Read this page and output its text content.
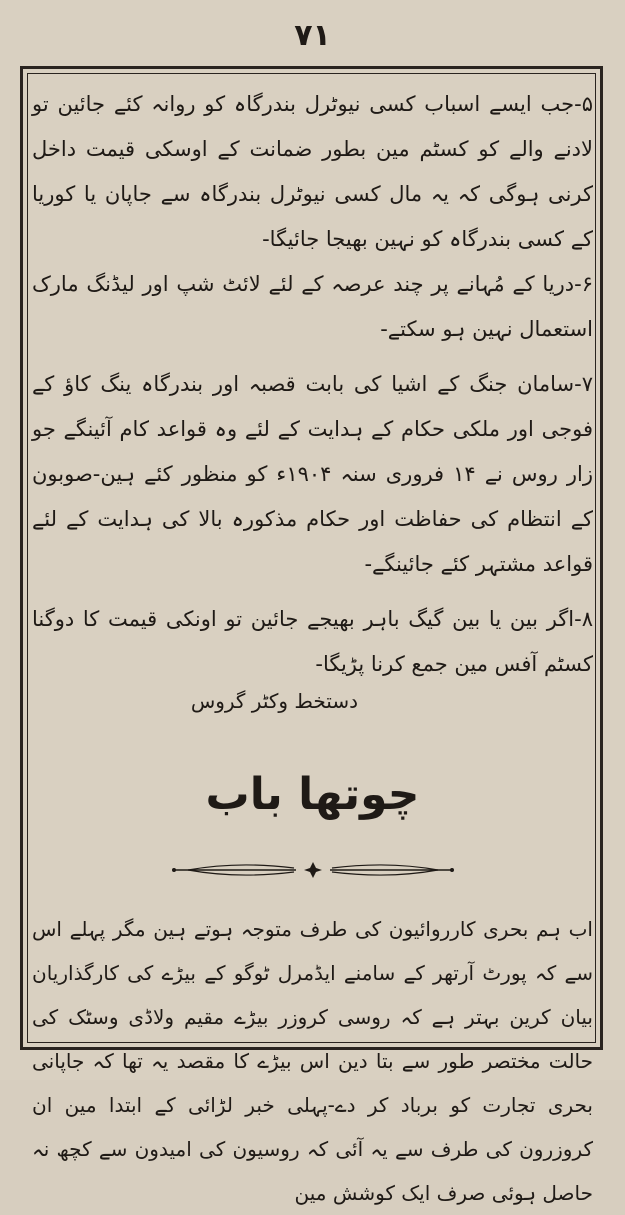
۷۱

۵-جب ایسے اسباب کسی نیوٹرل بندرگاہ کو روانہ کئے جائین تو لادنے والے کو کسٹم مین بطور ضمانت کے اوسکی قیمت داخل کرنی ہوگی کہ یہ مال کسی نیوٹرل بندرگاہ سے جاپان یا کوریا کے کسی بندرگاہ کو نہین بھیجا جائیگا-

۶-دریا کے مُہانے پر چند عرصہ کے لئے لائٹ شپ اور لیڈنگ مارک استعمال نہین ہو سکتے-

۷-سامان جنگ کے اشیا کی بابت قصبہ اور بندرگاہ ینگ کاؤ کے فوجی اور ملکی حکام کے ہدایت کے لئے وہ قواعد کام آئینگے جو زار روس نے ۱۴ فروری سنہ ۱۹۰۴ء کو منظور کئے ہین-صوبون کے انتظام کی حفاظت اور حکام مذکورہ بالا کی ہدایت کے لئے قواعد مشتہر کئے جائینگے-

۸-اگر بین یا بین گیگ باہر بھیجے جائین تو اونکی قیمت کا دوگنا کسٹم آفس مین جمع کرنا پڑیگا-

دستخط وکٹر گروس

چوتھا باب

اب ہم بحری کارروائیون کی طرف متوجہ ہوتے ہین مگر پہلے اس سے کہ پورٹ آرتھر کے سامنے ایڈمرل ٹوگو کے بیڑے کی کارگذاریان بیان کرین بہتر ہے کہ روسی کروزر بیڑے مقیم ولاڈی وسٹک کی حالت مختصر طور سے بتا دین اس بیڑے کا مقصد یہ تھا کہ جاپانی بحری تجارت کو برباد کر دے-پہلی خبر لڑائی کے ابتدا مین ان کروزرون کی طرف سے یہ آئی کہ روسیون کی امیدون سے کچھ نہ حاصل ہوئی صرف ایک کوشش مین
